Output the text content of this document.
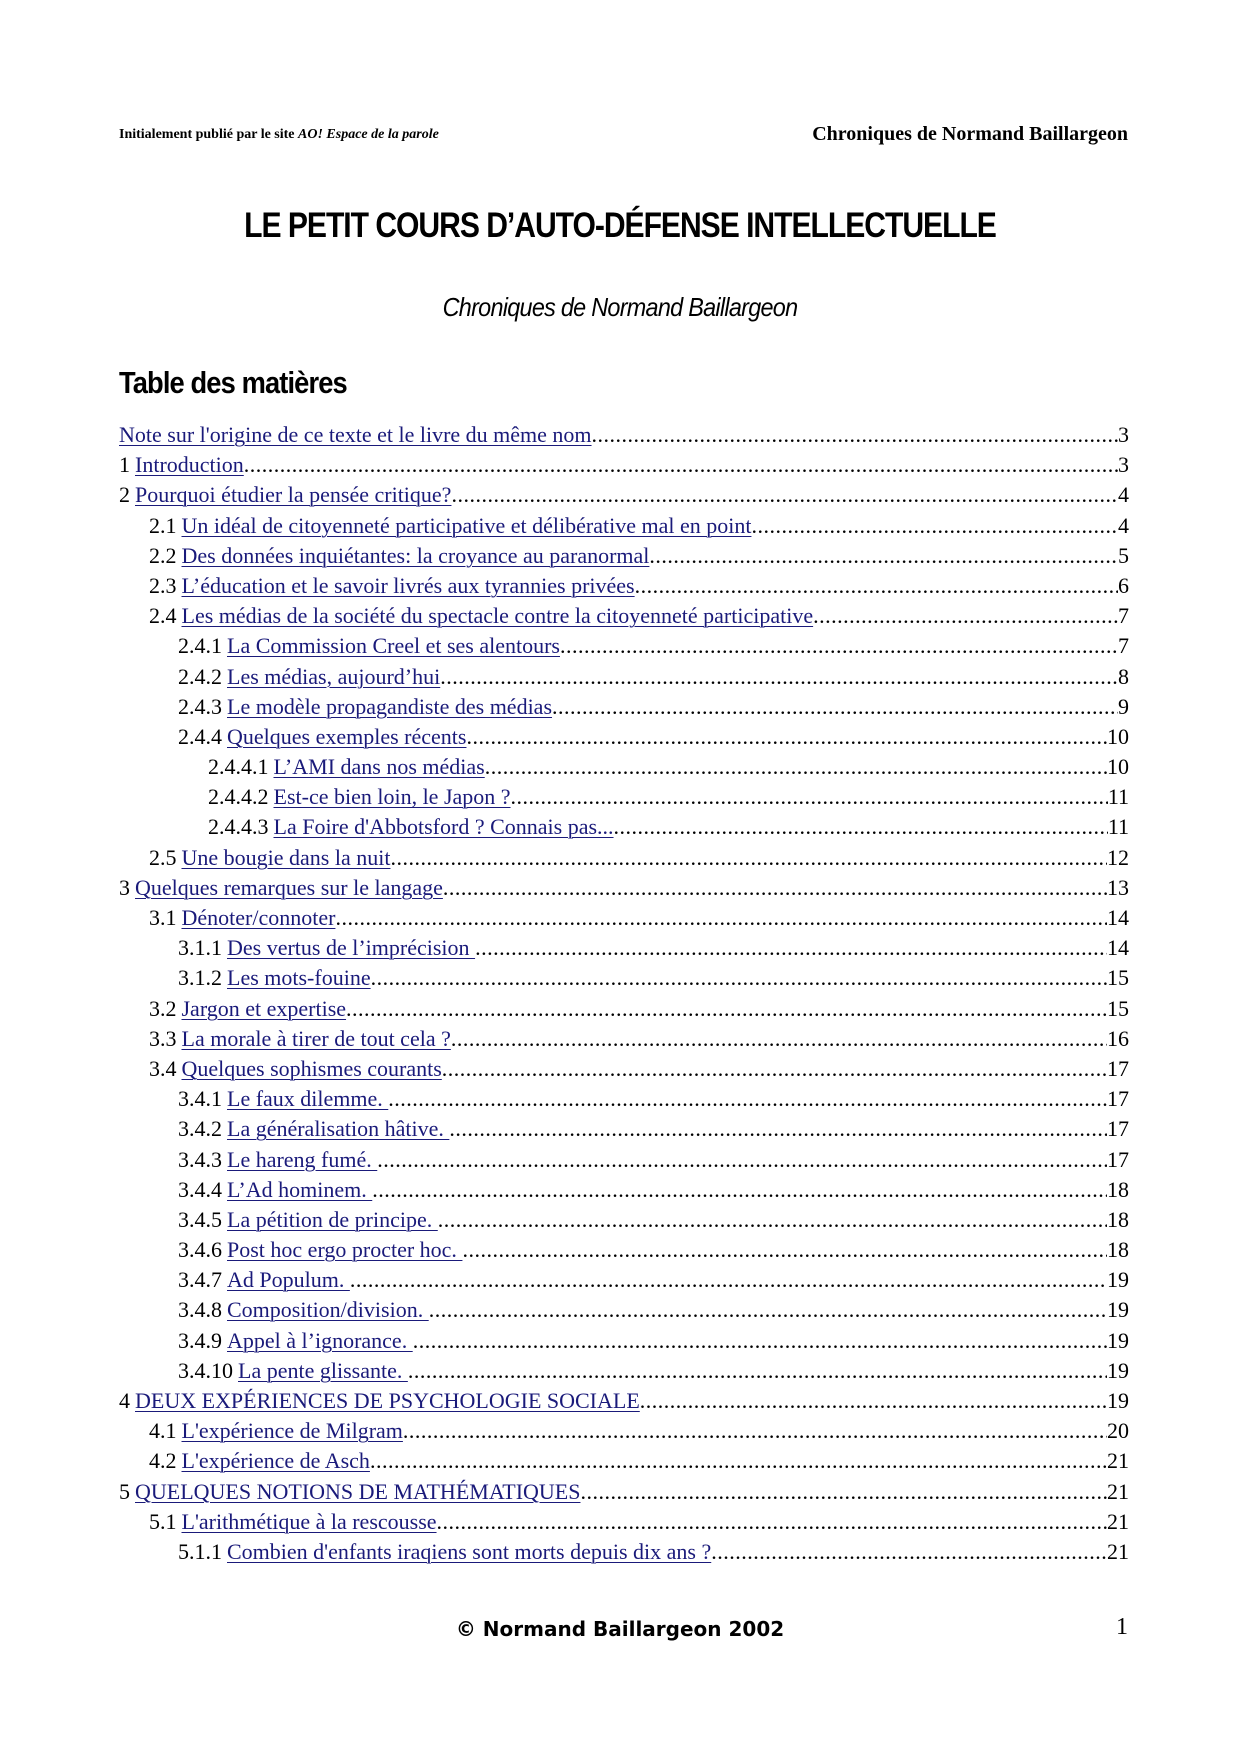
Initialement publié par le site AO! Espace de la parole	Chroniques de Normand Baillargeon
LE PETIT COURS D’AUTO-DÉFENSE INTELLECTUELLE
Chroniques de Normand Baillargeon
Table des matières
Note sur l'origine de ce texte et le livre du même nom .....	3
1 Introduction .....	3
2 Pourquoi étudier la pensée critique? .....	4
2.1 Un idéal de citoyenneté participative et délibérative mal en point .....	4
2.2 Des données inquiétantes: la croyance au paranormal .....	5
2.3 L’éducation et le savoir livrés aux tyrannies privées .....	6
2.4 Les médias de la société du spectacle contre la citoyenneté participative .....	7
2.4.1 La Commission Creel et ses alentours .....	7
2.4.2 Les médias, aujourd’hui .....	8
2.4.3 Le modèle propagandiste des médias .....	9
2.4.4 Quelques exemples récents .....	10
2.4.4.1 L’AMI dans nos médias .....	10
2.4.4.2 Est-ce bien loin, le Japon ? .....	11
2.4.4.3 La Foire d'Abbotsford ? Connais pas... .....	11
2.5 Une bougie dans la nuit .....	12
3 Quelques remarques sur le langage .....	13
3.1 Dénoter/connoter .....	14
3.1.1 Des vertus de l’imprécision .....	14
3.1.2 Les mots-fouine .....	15
3.2 Jargon et expertise .....	15
3.3 La morale à tirer de tout cela ? .....	16
3.4 Quelques sophismes courants .....	17
3.4.1 Le faux dilemme. .....	17
3.4.2 La généralisation hâtive. .....	17
3.4.3 Le hareng fumé. .....	17
3.4.4 L’Ad hominem. .....	18
3.4.5 La pétition de principe. .....	18
3.4.6 Post hoc ergo procter hoc. .....	18
3.4.7 Ad Populum. .....	19
3.4.8 Composition/division. .....	19
3.4.9 Appel à l’ignorance. .....	19
3.4.10 La pente glissante. .....	19
4 DEUX EXPÉRIENCES DE PSYCHOLOGIE SOCIALE .....	19
4.1 L'expérience de Milgram .....	20
4.2 L'expérience de Asch .....	21
5 QUELQUES NOTIONS DE MATHÉMATIQUES .....	21
5.1 L'arithmétique à la rescousse .....	21
5.1.1 Combien d'enfants iraqiens sont morts depuis dix ans ? .....	21
© Normand Baillargeon 2002	1
